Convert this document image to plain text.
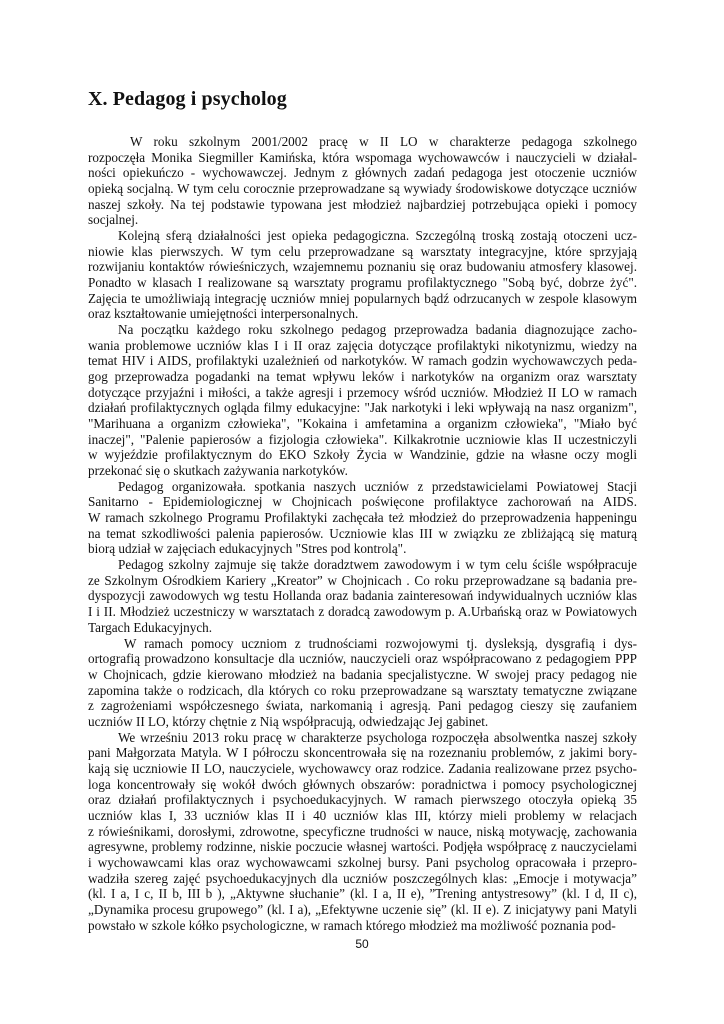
X. Pedagog i psycholog
W roku szkolnym 2001/2002 pracę w II LO w charakterze pedagoga szkolnego
rozpoczęła Monika Siegmiller Kamińska, która wspomaga wychowawców i nauczycieli w działal-
ności opiekuńczo - wychowawczej. Jednym z głównych zadań pedagoga jest otoczenie uczniów
opieką socjalną. W tym celu corocznie przeprowadzane są wywiady środowiskowe dotyczące uczniów
naszej szkoły. Na tej podstawie typowana jest młodzież najbardziej potrzebująca opieki i pomocy
socjalnej.
Kolejną sferą działalności jest opieka pedagogiczna. Szczególną troską zostają otoczeni ucz-
niowie klas pierwszych. W tym celu przeprowadzane są warsztaty integracyjne, które sprzyjają
rozwijaniu kontaktów rówieśniczych, wzajemnemu poznaniu się oraz budowaniu atmosfery klasowej.
Ponadto w klasach I realizowane są warsztaty programu profilaktycznego "Sobą być, dobrze żyć".
Zajęcia te umożliwiają integrację uczniów mniej popularnych bądź odrzucanych w zespole klasowym
oraz kształtowanie umiejętności interpersonalnych.
Na początku każdego roku szkolnego pedagog przeprowadza badania diagnozujące zacho-
wania problemowe uczniów klas I i II oraz zajęcia dotyczące profilaktyki nikotynizmu, wiedzy na
temat HIV i AIDS, profilaktyki uzależnień od narkotyków. W ramach godzin wychowawczych peda-
gog przeprowadza pogadanki na temat wpływu leków i narkotyków na organizm oraz warsztaty
dotyczące przyjaźni i miłości, a także agresji i przemocy wśród uczniów. Młodzież II LO w ramach
działań profilaktycznych ogląda filmy edukacyjne: "Jak narkotyki i leki wpływają na nasz organizm",
"Marihuana a organizm człowieka", "Kokaina i amfetamina a organizm człowieka", "Miało być
inaczej", "Palenie papierosów a fizjologia człowieka". Kilkakrotnie uczniowie klas II uczestniczyli
w wyjeździe profilaktycznym do EKO Szkoły Życia w Wandzinie, gdzie na własne oczy mogli
przekonać się o skutkach zażywania narkotyków.
Pedagog organizowała. spotkania naszych uczniów z przedstawicielami Powiatowej Stacji
Sanitarno - Epidemiologicznej w Chojnicach poświęcone profilaktyce zachorowań na AIDS.
W ramach szkolnego Programu Profilaktyki zachęcała też młodzież do przeprowadzenia happeningu
na temat szkodliwości palenia papierosów. Uczniowie klas III w związku ze zbliżającą się maturą
biorą udział w zajęciach edukacyjnych "Stres pod kontrolą".
Pedagog szkolny zajmuje się także doradztwem zawodowym i w tym celu ściśle współpracuje
ze Szkolnym Ośrodkiem Kariery „Kreator” w Chojnicach . Co roku przeprowadzane są badania pre-
dyspozycji zawodowych wg testu Hollanda oraz badania zainteresowań indywidualnych uczniów klas
I i II. Młodzież uczestniczy w warsztatach z doradcą zawodowym p. A.Urbańską oraz w Powiatowych
Targach Edukacyjnych.
W ramach pomocy uczniom z trudnościami rozwojowymi tj. dysleksją, dysgrafią i dys-
ortografią prowadzono konsultacje dla uczniów, nauczycieli oraz współpracowano z pedagogiem PPP
w Chojnicach, gdzie kierowano młodzież na badania specjalistyczne. W swojej pracy pedagog nie
zapomina także o rodzicach, dla których co roku przeprowadzane są warsztaty tematyczne związane
z zagrożeniami współczesnego świata, narkomanią i agresją. Pani pedagog cieszy się zaufaniem
uczniów II LO, którzy chętnie z Nią współpracują, odwiedzając Jej gabinet.
We wrześniu 2013 roku pracę w charakterze psychologa rozpoczęła absolwentka naszej szkoły
pani Małgorzata Matyla. W I półroczu skoncentrowała się na rozeznaniu problemów, z jakimi bory-
kają się uczniowie II LO, nauczyciele, wychowawcy oraz rodzice. Zadania realizowane przez psycho-
loga koncentrowały się wokół dwóch głównych obszarów: poradnictwa i pomocy psychologicznej
oraz działań profilaktycznych i psychoedukacyjnych. W ramach pierwszego otoczyła opieką 35
uczniów klas I, 33 uczniów klas II i 40 uczniów klas III, którzy mieli problemy w relacjach
z rówieśnikami, dorosłymi, zdrowotne, specyficzne trudności w nauce, niską motywację, zachowania
agresywne, problemy rodzinne, niskie poczucie własnej wartości. Podjęła współpracę z nauczycielami
i wychowawcami klas oraz wychowawcami szkolnej bursy. Pani psycholog opracowała i przepro-
wadziła szereg zajęć psychoedukacyjnych dla uczniów poszczególnych klas: „Emocje i motywacja”
(kl. I a, I c, II b, III b ), „Aktywne słuchanie” (kl. I a, II e), ”Trening antystresowy” (kl. I d, II c),
„Dynamika procesu grupowego” (kl. I a), „Efektywne uczenie się” (kl. II e). Z inicjatywy pani Matyli
powstało w szkole kółko psychologiczne, w ramach którego młodzież ma możliwość poznania pod-
50
